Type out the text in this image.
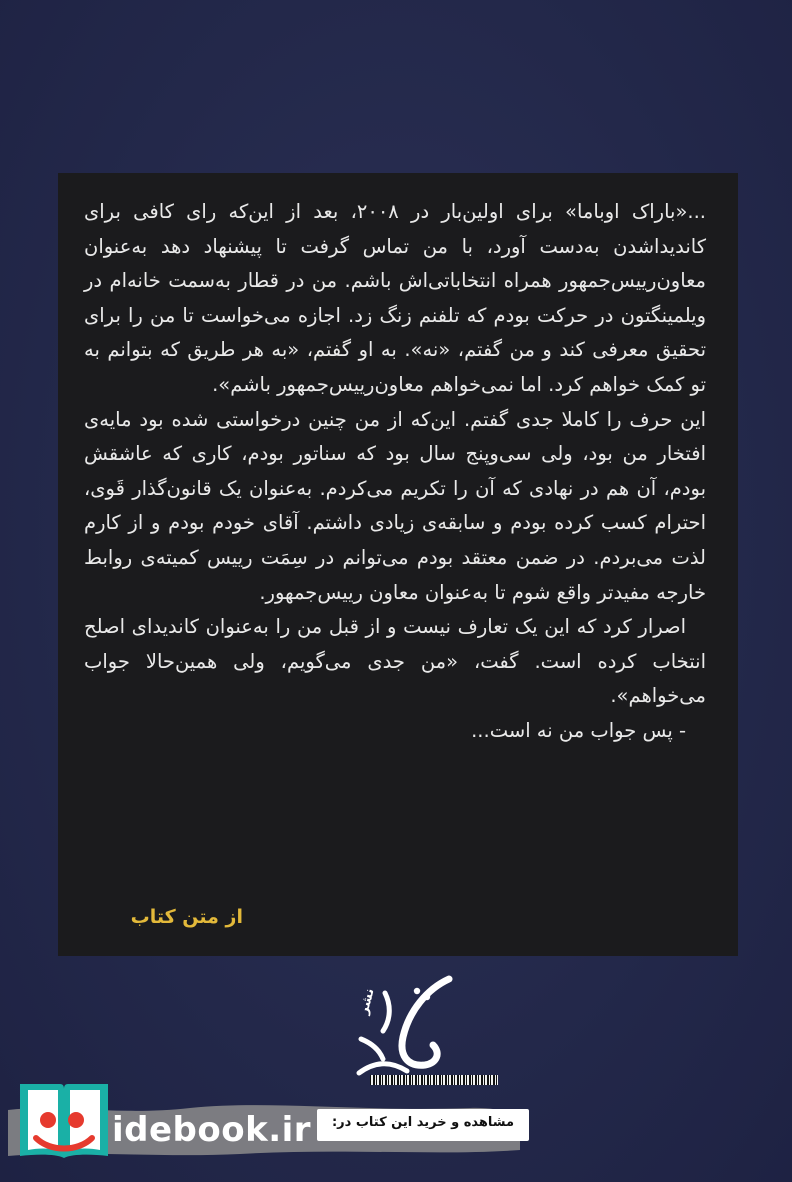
...«باراک اوباما» برای اولین‌بار در ۲۰۰۸، بعد از این‌که رای کافی برای کاندیداشدن به‌دست آورد، با من تماس گرفت تا پیشنهاد دهد به‌عنوان معاون‌رییس‌جمهور همراه انتخاباتی‌اش باشم. من در قطار به‌سمت خانه‌ام در ویلمینگتون در حرکت بودم که تلفنم زنگ زد. اجازه می‌خواست تا من را برای تحقیق معرفی کند و من گفتم، «نه». به او گفتم، «به هر طریق که بتوانم به تو کمک خواهم کرد. اما نمی‌خواهم معاون‌رییس‌جمهور باشم».

این حرف را کاملا جدی گفتم. این‌که از من چنین درخواستی شده بود مایه‌ی افتخار من بود، ولی سی‌وپنج سال بود که سناتور بودم، کاری که عاشقش بودم، آن هم در نهادی که آن را تکریم می‌کردم. به‌عنوان یک قانون‌گذار قَوی، احترام کسب کرده بودم و سابقه‌ی زیادی داشتم. آقای خودم بودم و از کارم لذت می‌بردم. در ضمن معتقد بودم می‌توانم در سِمَت رییس کمیته‌ی روابط خارجه مفیدتر واقع شوم تا به‌عنوان معاون رییس‌جمهور.

اصرار کرد که این یک تعارف نیست و از قبل من را به‌عنوان کاندیدای اصلح انتخاب کرده است. گفت، «من جدی می‌گویم، ولی همین‌حالا جواب می‌خواهم».

- پس جواب من نه است...

از متن کتاب

نشر

idebook.ir	مشاهده و خرید این کتاب در:
